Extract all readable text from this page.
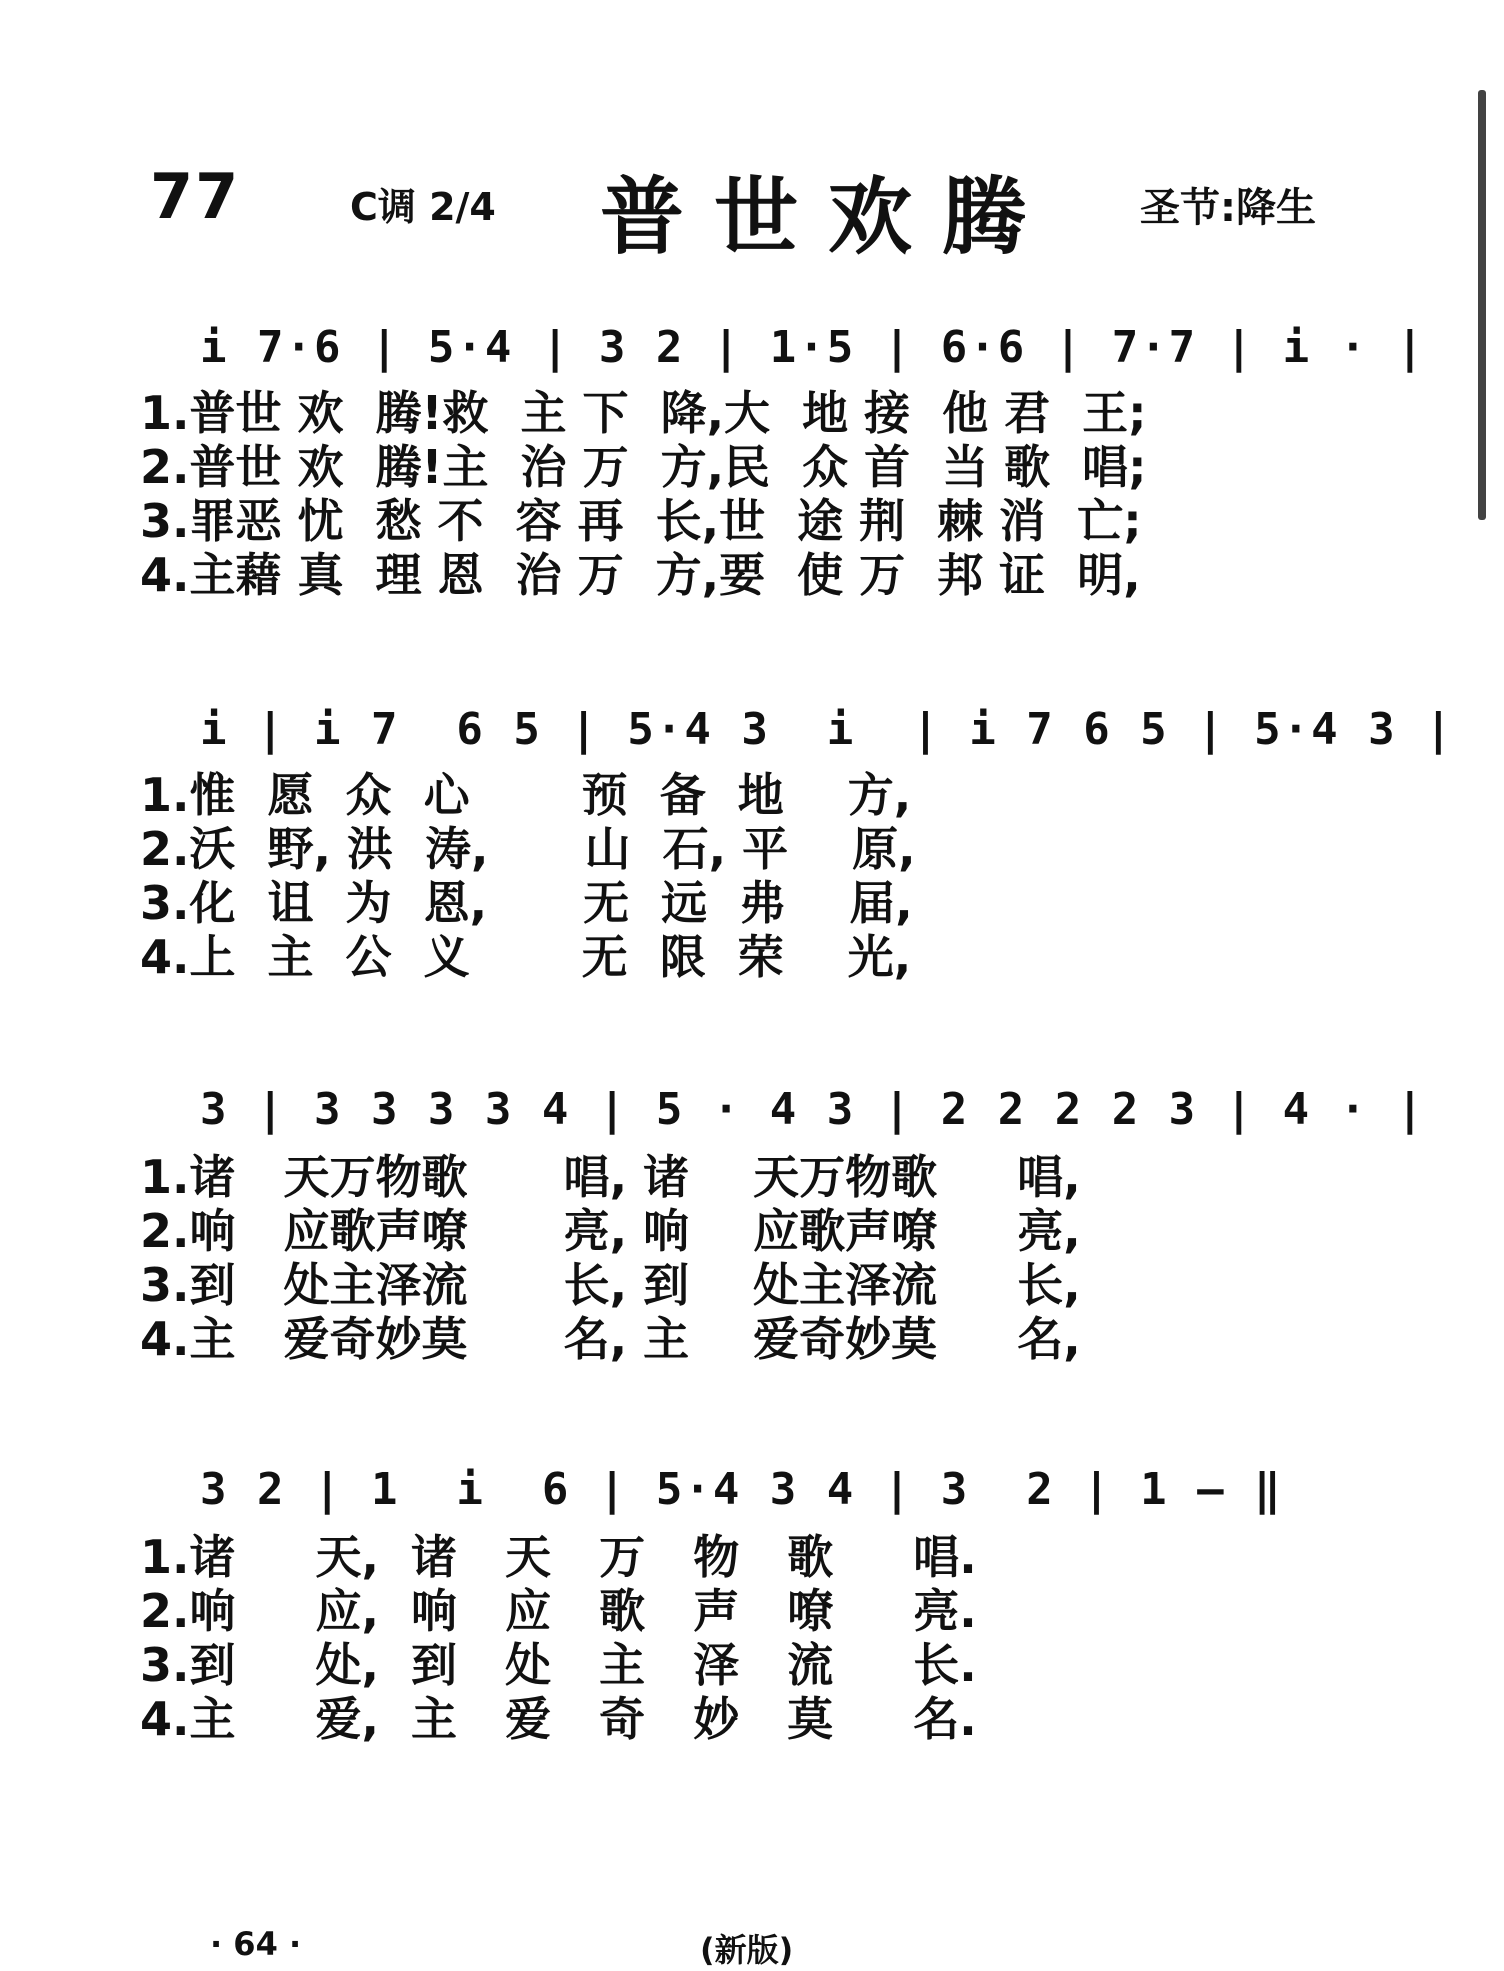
77	C调 2/4 普世欢腾 圣节:降生
i 7·6 | 5·4 | 3 2 | 1·5 | 6·6 | 7·7 | i · |
1.普世 欢  腾!救  主 下  降,大  地 接  他 君  王;
2.普世 欢  腾!主  治 万  方,民  众 首  当 歌  唱;
3.罪恶 忧  愁 不  容 再  长,世  途 荆  棘 消  亡;
4.主藉 真  理 恩  治 万  方,要  使 万  邦 证  明,
i | i 7  6 5 | 5·4 3  i  | i 7 6 5 | 5·4 3 |
1.惟  愿  众  心       预  备  地    方,
2.沃  野, 洪  涛,      山  石, 平    原,
3.化  诅  为  恩,      无  远  弗    届,
4.上  主  公  义       无  限  荣    光,
3 | 3 3 3 3 4 | 5 · 4 3 | 2 2 2 2 3 | 4 · |
1.诸   天万物歌      唱, 诸    天万物歌     唱,
2.响   应歌声嘹      亮, 响    应歌声嘹     亮,
3.到   处主泽流      长, 到    处主泽流     长,
4.主   爱奇妙莫      名, 主    爱奇妙莫     名,
3 2 | 1  i  6 | 5·4 3 4 | 3  2 | 1 – ‖
1.诸     天,  诸   天   万   物   歌     唱.
2.响     应,  响   应   歌   声   嘹     亮.
3.到     处,  到   处   主   泽   流     长.
4.主     爱,  主   爱   奇   妙   莫     名.
· 64 ·	(新版)
